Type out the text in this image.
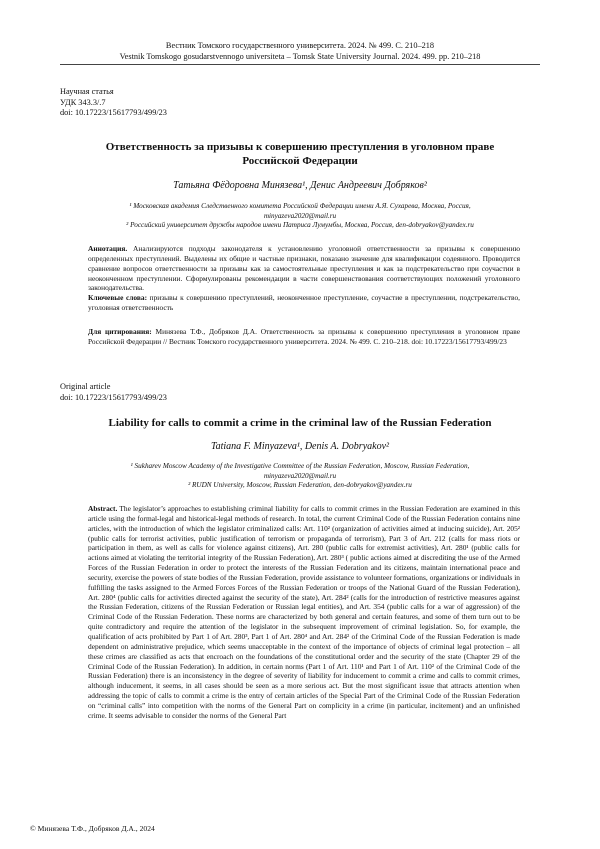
Вестник Томского государственного университета. 2024. № 499. С. 210–218
Vestnik Tomskogo gosudarstvennogo universiteta – Tomsk State University Journal. 2024. 499. pp. 210–218
Научная статья
УДК 343.3/.7
doi: 10.17223/15617793/499/23
Ответственность за призывы к совершению преступления в уголовном праве
Российской Федерации
Татьяна Фёдоровна Минязева¹, Денис Андреевич Добряков²
¹ Московская академия Следственного комитета Российской Федерации имени А.Я. Сухарева, Москва, Россия,
minyazeva2020@mail.ru
² Российский университет дружбы народов имени Патриса Лумумбы, Москва, Россия, den-dobryakov@yandex.ru

Аннотация. Анализируются подходы законодателя к установлению уголовной ответственности за призывы к совершению определенных преступлений. Выделены их общие и частные признаки, показано значение для квалификации содеянного. Проводится сравнение вопросов ответственности за призывы как за самостоятельные преступления и как за подстрекательство при соучастии в неоконченном преступлении. Сформулированы рекомендации в части совершенствования соответствующих положений уголовного законодательства.

Ключевые слова: призывы к совершению преступлений, неоконченное преступление, соучастие в преступлении, подстрекательство, уголовная ответственность

Для цитирования: Минязева Т.Ф., Добряков Д.А. Ответственность за призывы к совершению преступления в уголовном праве Российской Федерации // Вестник Томского государственного университета. 2024. № 499. С. 210–218. doi: 10.17223/15617793/499/23

Original article
doi: 10.17223/15617793/499/23
Liability for calls to commit a crime in the criminal law of the Russian Federation
Tatiana F. Minyazeva¹, Denis A. Dobryakov²
¹ Sukharev Moscow Academy of the Investigative Committee of the Russian Federation, Moscow, Russian Federation,
minyazeva2020@mail.ru
² RUDN University, Moscow, Russian Federation, den-dobryakov@yandex.ru

Abstract. The legislator’s approaches to establishing criminal liability for calls to commit crimes in the Russian Federation are examined in this article using the formal-legal and historical-legal methods of research. In total, the current Criminal Code of the Russian Federation contains nine articles, with the introduction of which the legislator criminalized calls: Art. 110² (organization of activities aimed at inducing suicide), Art. 205² (public calls for terrorist activities, public justification of terrorism or propaganda of terrorism), Part 3 of Art. 212 (calls for mass riots or participation in them, as well as calls for violence against citizens), Art. 280 (public calls for extremist activities), Art. 280¹ (public calls for actions aimed at violating the territorial integrity of the Russian Federation), Art. 280³ ( public actions aimed at discrediting the use of the Armed Forces of the Russian Federation in order to protect the interests of the Russian Federation and its citizens, maintain international peace and security, exercise the powers of state bodies of the Russian Federation, provide assistance to volunteer formations, organizations or individuals in fulfilling the tasks assigned to the Armed Forces Forces of the Russian Federation or troops of the National Guard of the Russian Federation), Art. 280⁴ (public calls for activities directed against the security of the state), Art. 284² (calls for the introduction of restrictive measures against the Russian Federation, citizens of the Russian Federation or Russian legal entities), and Art. 354 (public calls for a war of aggression) of the Criminal Code of the Russian Federation. These norms are characterized by both general and certain features, and some of them turn out to be quite contradictory and require the attention of the legislator in the subsequent improvement of criminal legislation. So, for example, the qualification of acts prohibited by Part 1 of Art. 280³, Part 1 of Art. 280⁴ and Art. 284² of the Criminal Code of the Russian Federation is made dependent on administrative prejudice, which seems unacceptable in the context of the importance of objects of criminal legal protection – all these crimes are classified as acts that encroach on the foundations of the constitutional order and the security of the state (Chapter 29 of the Criminal Code of the Russian Federation). In addition, in certain norms (Part 1 of Art. 110¹ and Part 1 of Art. 110² of the Criminal Code of the Russian Federation) there is an inconsistency in the degree of severity of liability for inducement to commit a crime and calls to commit crimes, although inducement, it seems, in all cases should be seen as a more serious act. But the most significant issue that attracts attention when addressing the topic of calls to commit a crime is the entry of certain articles of the Special Part of the Criminal Code of the Russian Federation on “criminal calls” into competition with the norms of the General Part on complicity in a crime (in particular, incitement) and an unfinished crime. It seems advisable to consider the norms of the General Part

© Минязева Т.Ф., Добряков Д.А., 2024
